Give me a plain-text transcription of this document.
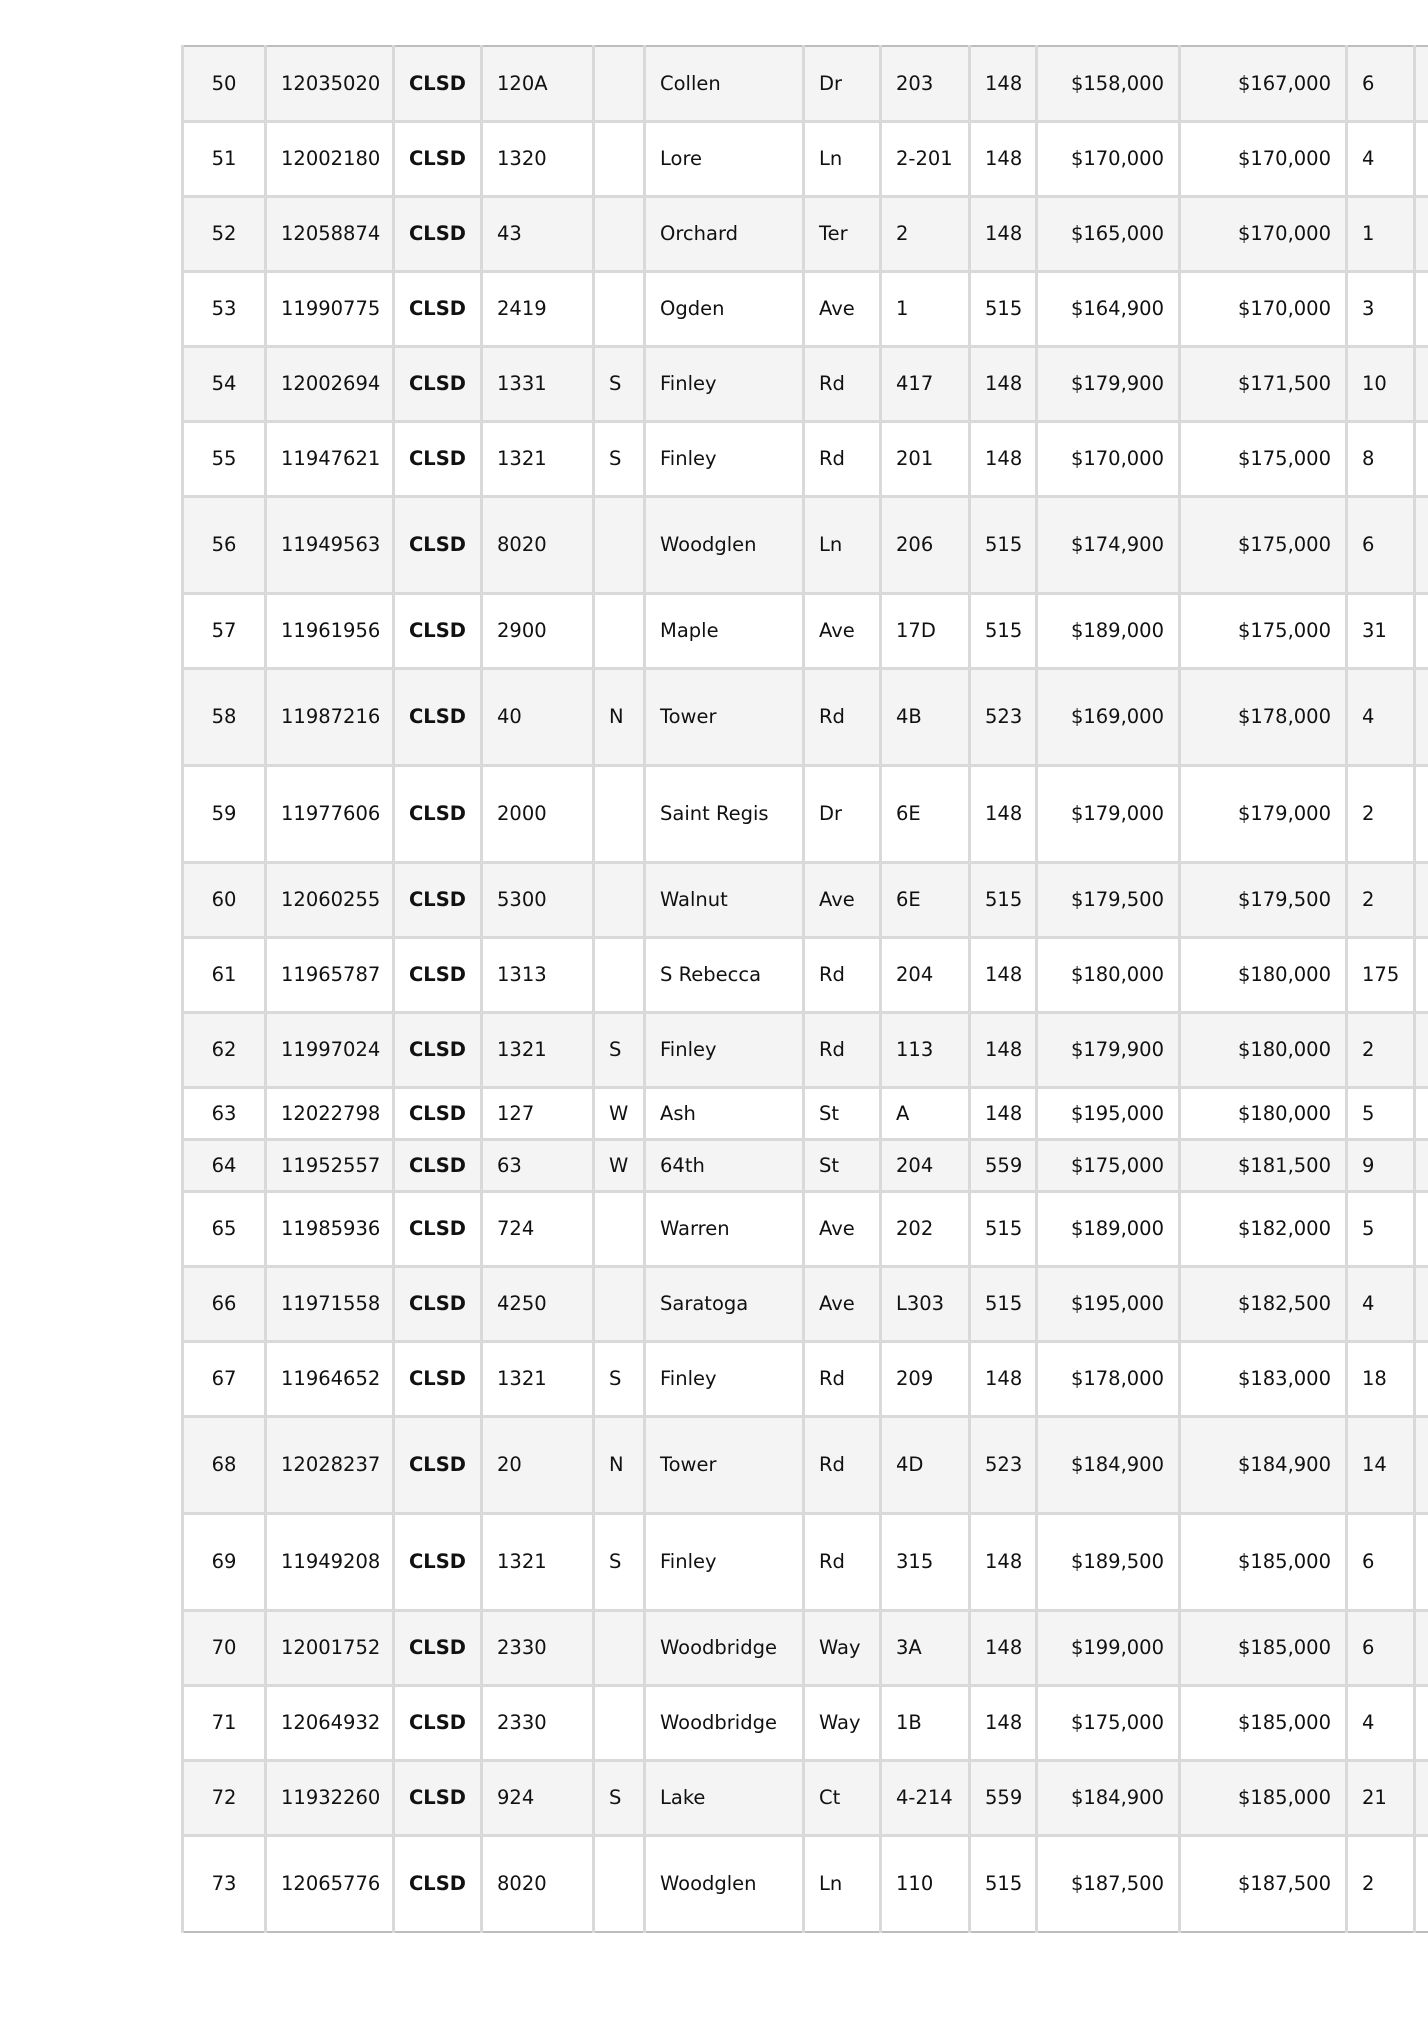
50	12035020	CLSD	120A		Collen	Dr	203	148	$158,000	$167,000	6	
51	12002180	CLSD	1320		Lore	Ln	2-201	148	$170,000	$170,000	4	
52	12058874	CLSD	43		Orchard	Ter	2	148	$165,000	$170,000	1	
53	11990775	CLSD	2419		Ogden	Ave	1	515	$164,900	$170,000	3	
54	12002694	CLSD	1331	S	Finley	Rd	417	148	$179,900	$171,500	10	
55	11947621	CLSD	1321	S	Finley	Rd	201	148	$170,000	$175,000	8	
56	11949563	CLSD	8020		Woodglen	Ln	206	515	$174,900	$175,000	6	
57	11961956	CLSD	2900		Maple	Ave	17D	515	$189,000	$175,000	31	
58	11987216	CLSD	40	N	Tower	Rd	4B	523	$169,000	$178,000	4	
59	11977606	CLSD	2000		Saint Regis	Dr	6E	148	$179,000	$179,000	2	
60	12060255	CLSD	5300		Walnut	Ave	6E	515	$179,500	$179,500	2	
61	11965787	CLSD	1313		S Rebecca	Rd	204	148	$180,000	$180,000	175	
62	11997024	CLSD	1321	S	Finley	Rd	113	148	$179,900	$180,000	2	
63	12022798	CLSD	127	W	Ash	St	A	148	$195,000	$180,000	5	
64	11952557	CLSD	63	W	64th	St	204	559	$175,000	$181,500	9	
65	11985936	CLSD	724		Warren	Ave	202	515	$189,000	$182,000	5	
66	11971558	CLSD	4250		Saratoga	Ave	L303	515	$195,000	$182,500	4	
67	11964652	CLSD	1321	S	Finley	Rd	209	148	$178,000	$183,000	18	
68	12028237	CLSD	20	N	Tower	Rd	4D	523	$184,900	$184,900	14	
69	11949208	CLSD	1321	S	Finley	Rd	315	148	$189,500	$185,000	6	
70	12001752	CLSD	2330		Woodbridge	Way	3A	148	$199,000	$185,000	6	
71	12064932	CLSD	2330		Woodbridge	Way	1B	148	$175,000	$185,000	4	
72	11932260	CLSD	924	S	Lake	Ct	4-214	559	$184,900	$185,000	21	
73	12065776	CLSD	8020		Woodglen	Ln	110	515	$187,500	$187,500	2	
